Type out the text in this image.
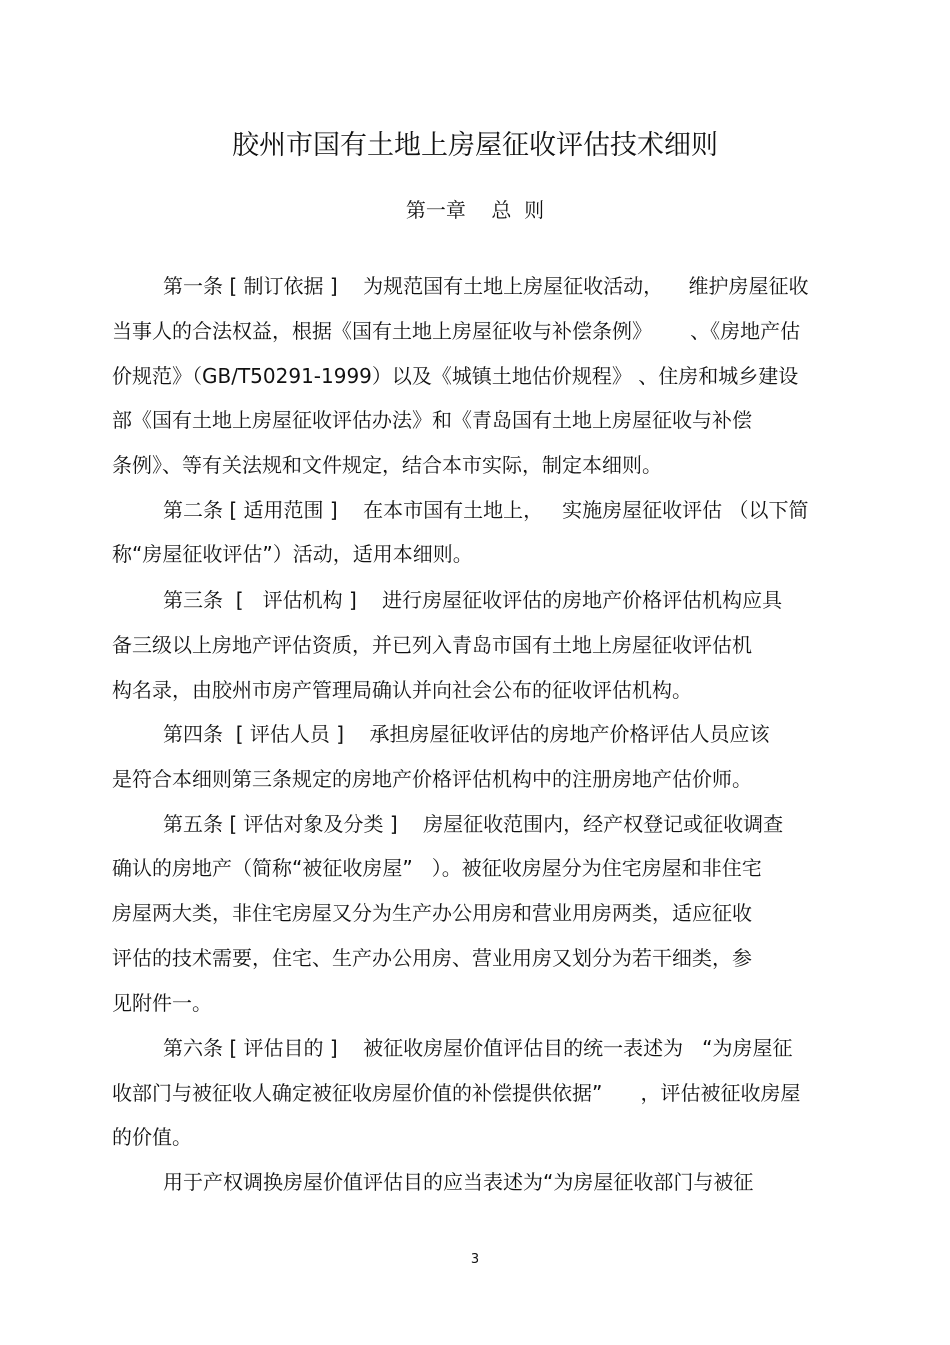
胶州市国有土地上房屋征收评估技术细则
第一章    总  则
第一条 [ 制订依据 ]    为规范国有土地上房屋征收活动，    维护房屋征收
当事人的合法权益，根据《国有土地上房屋征收与补偿条例》      、《房地产估
价规范》（GB/T50291-1999）以及《城镇土地估价规程》 、住房和城乡建设
部《国有土地上房屋征收评估办法》和《青岛国有土地上房屋征收与补偿
条例》、等有关法规和文件规定，结合本市实际，制定本细则。
第二条 [ 适用范围 ]    在本市国有土地上，   实施房屋征收评估 （以下简
称“房屋征收评估”）活动，适用本细则。
第三条  [   评估机构 ]    进行房屋征收评估的房地产价格评估机构应具
备三级以上房地产评估资质，并已列入青岛市国有土地上房屋征收评估机
构名录，由胶州市房产管理局确认并向社会公布的征收评估机构。
第四条  [ 评估人员 ]    承担房屋征收评估的房地产价格评估人员应该
是符合本细则第三条规定的房地产价格评估机构中的注册房地产估价师。
第五条 [ 评估对象及分类 ]    房屋征收范围内，经产权登记或征收调查
确认的房地产（简称“被征收房屋”   ）。被征收房屋分为住宅房屋和非住宅
房屋两大类，非住宅房屋又分为生产办公用房和营业用房两类，适应征收
评估的技术需要，住宅、生产办公用房、营业用房又划分为若干细类，参
见附件一。
第六条 [ 评估目的 ]    被征收房屋价值评估目的统一表述为   “为房屋征
收部门与被征收人确定被征收房屋价值的补偿提供依据”      ，评估被征收房屋
的价值。
用于产权调换房屋价值评估目的应当表述为“为房屋征收部门与被征
3
